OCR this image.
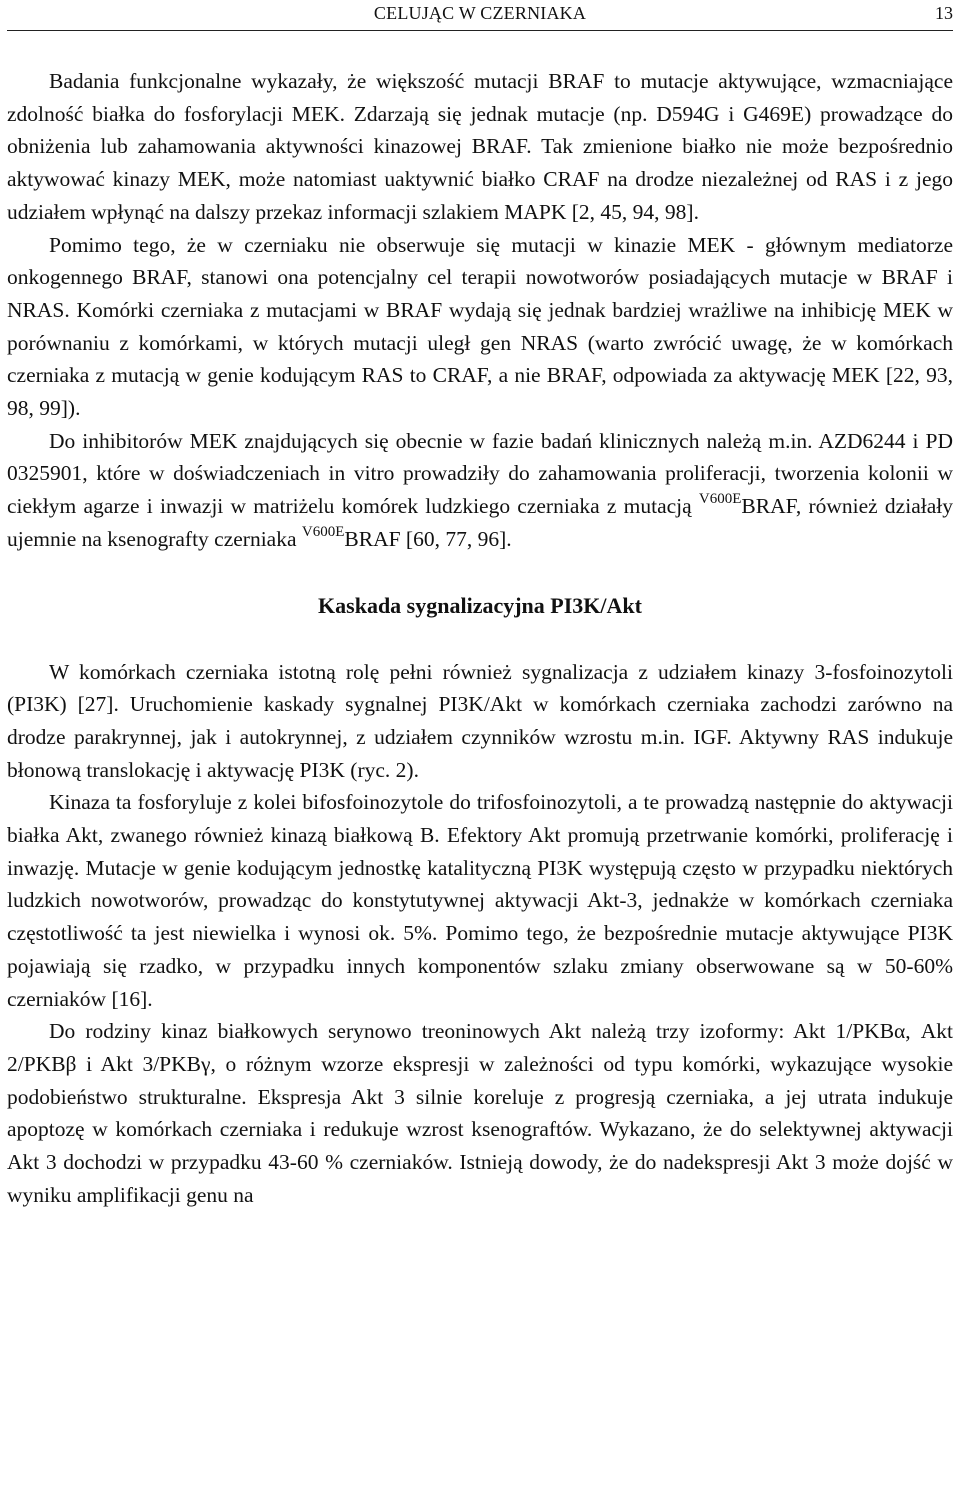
CELUJĄC W CZERNIAKA	13

Badania funkcjonalne wykazały, że większość mutacji BRAF to mutacje aktywujące, wzmacniające zdolność białka do fosforylacji MEK. Zdarzają się jednak mutacje (np. D594G i G469E) prowadzące do obniżenia lub zahamowania aktywności kinazowej BRAF. Tak zmienione białko nie może bezpośrednio aktywować kinazy MEK, może natomiast uaktywnić białko CRAF na drodze niezależnej od RAS i z jego udziałem wpłynąć na dalszy przekaz informacji szlakiem MAPK [2, 45, 94, 98].

Pomimo tego, że w czerniaku nie obserwuje się mutacji w kinazie MEK - głównym mediatorze onkogennego BRAF, stanowi ona potencjalny cel terapii nowotworów posiadających mutacje w BRAF i NRAS. Komórki czerniaka z mutacjami w BRAF wydają się jednak bardziej wrażliwe na inhibicję MEK w porównaniu z komórkami, w których mutacji uległ gen NRAS (warto zwrócić uwagę, że w komórkach czerniaka z mutacją w genie kodującym RAS to CRAF, a nie BRAF, odpowiada za aktywację MEK [22, 93, 98, 99]).

Do inhibitorów MEK znajdujących się obecnie w fazie badań klinicznych należą m.in. AZD6244 i PD 0325901, które w doświadczeniach in vitro prowadziły do zahamowania proliferacji, tworzenia kolonii w ciekłym agarze i inwazji w matriżelu komórek ludzkiego czerniaka z mutacją $^{V600E}$BRAF, również działały ujemnie na ksenografty czerniaka $^{V600E}$BRAF [60, 77, 96].

Kaskada sygnalizacyjna PI3K/Akt

W komórkach czerniaka istotną rolę pełni również sygnalizacja z udziałem kinazy 3-fosfoinozytoli (PI3K) [27]. Uruchomienie kaskady sygnalnej PI3K/Akt w komórkach czerniaka zachodzi zarówno na drodze parakrynnej, jak i autokrynnej, z udziałem czynników wzrostu m.in. IGF. Aktywny RAS indukuje błonową translokację i aktywację PI3K (ryc. 2).

Kinaza ta fosforyluje z kolei bifosfoinozytole do trifosfoinozytoli, a te prowadzą następnie do aktywacji białka Akt, zwanego również kinazą białkową B. Efektory Akt promują przetrwanie komórki, proliferację i inwazję. Mutacje w genie kodującym jednostkę katalityczną PI3K występują często w przypadku niektórych ludzkich nowotworów, prowadząc do konstytutywnej aktywacji Akt-3, jednakże w komórkach czerniaka częstotliwość ta jest niewielka i wynosi ok. 5%. Pomimo tego, że bezpośrednie mutacje aktywujące PI3K pojawiają się rzadko, w przypadku innych komponentów szlaku zmiany obserwowane są w 50-60% czerniaków [16].

Do rodziny kinaz białkowych serynowo treoninowych Akt należą trzy izoformy: Akt 1/PKBα, Akt 2/PKBβ i Akt 3/PKBγ, o różnym wzorze ekspresji w zależności od typu komórki, wykazujące wysokie podobieństwo strukturalne. Ekspresja Akt 3 silnie koreluje z progresją czerniaka, a jej utrata indukuje apoptozę w komórkach czerniaka i redukuje wzrost ksenograftów. Wykazano, że do selektywnej aktywacji Akt 3 dochodzi w przypadku 43-60 % czerniaków. Istnieją dowody, że do nadekspresji Akt 3 może dojść w wyniku amplifikacji genu na
